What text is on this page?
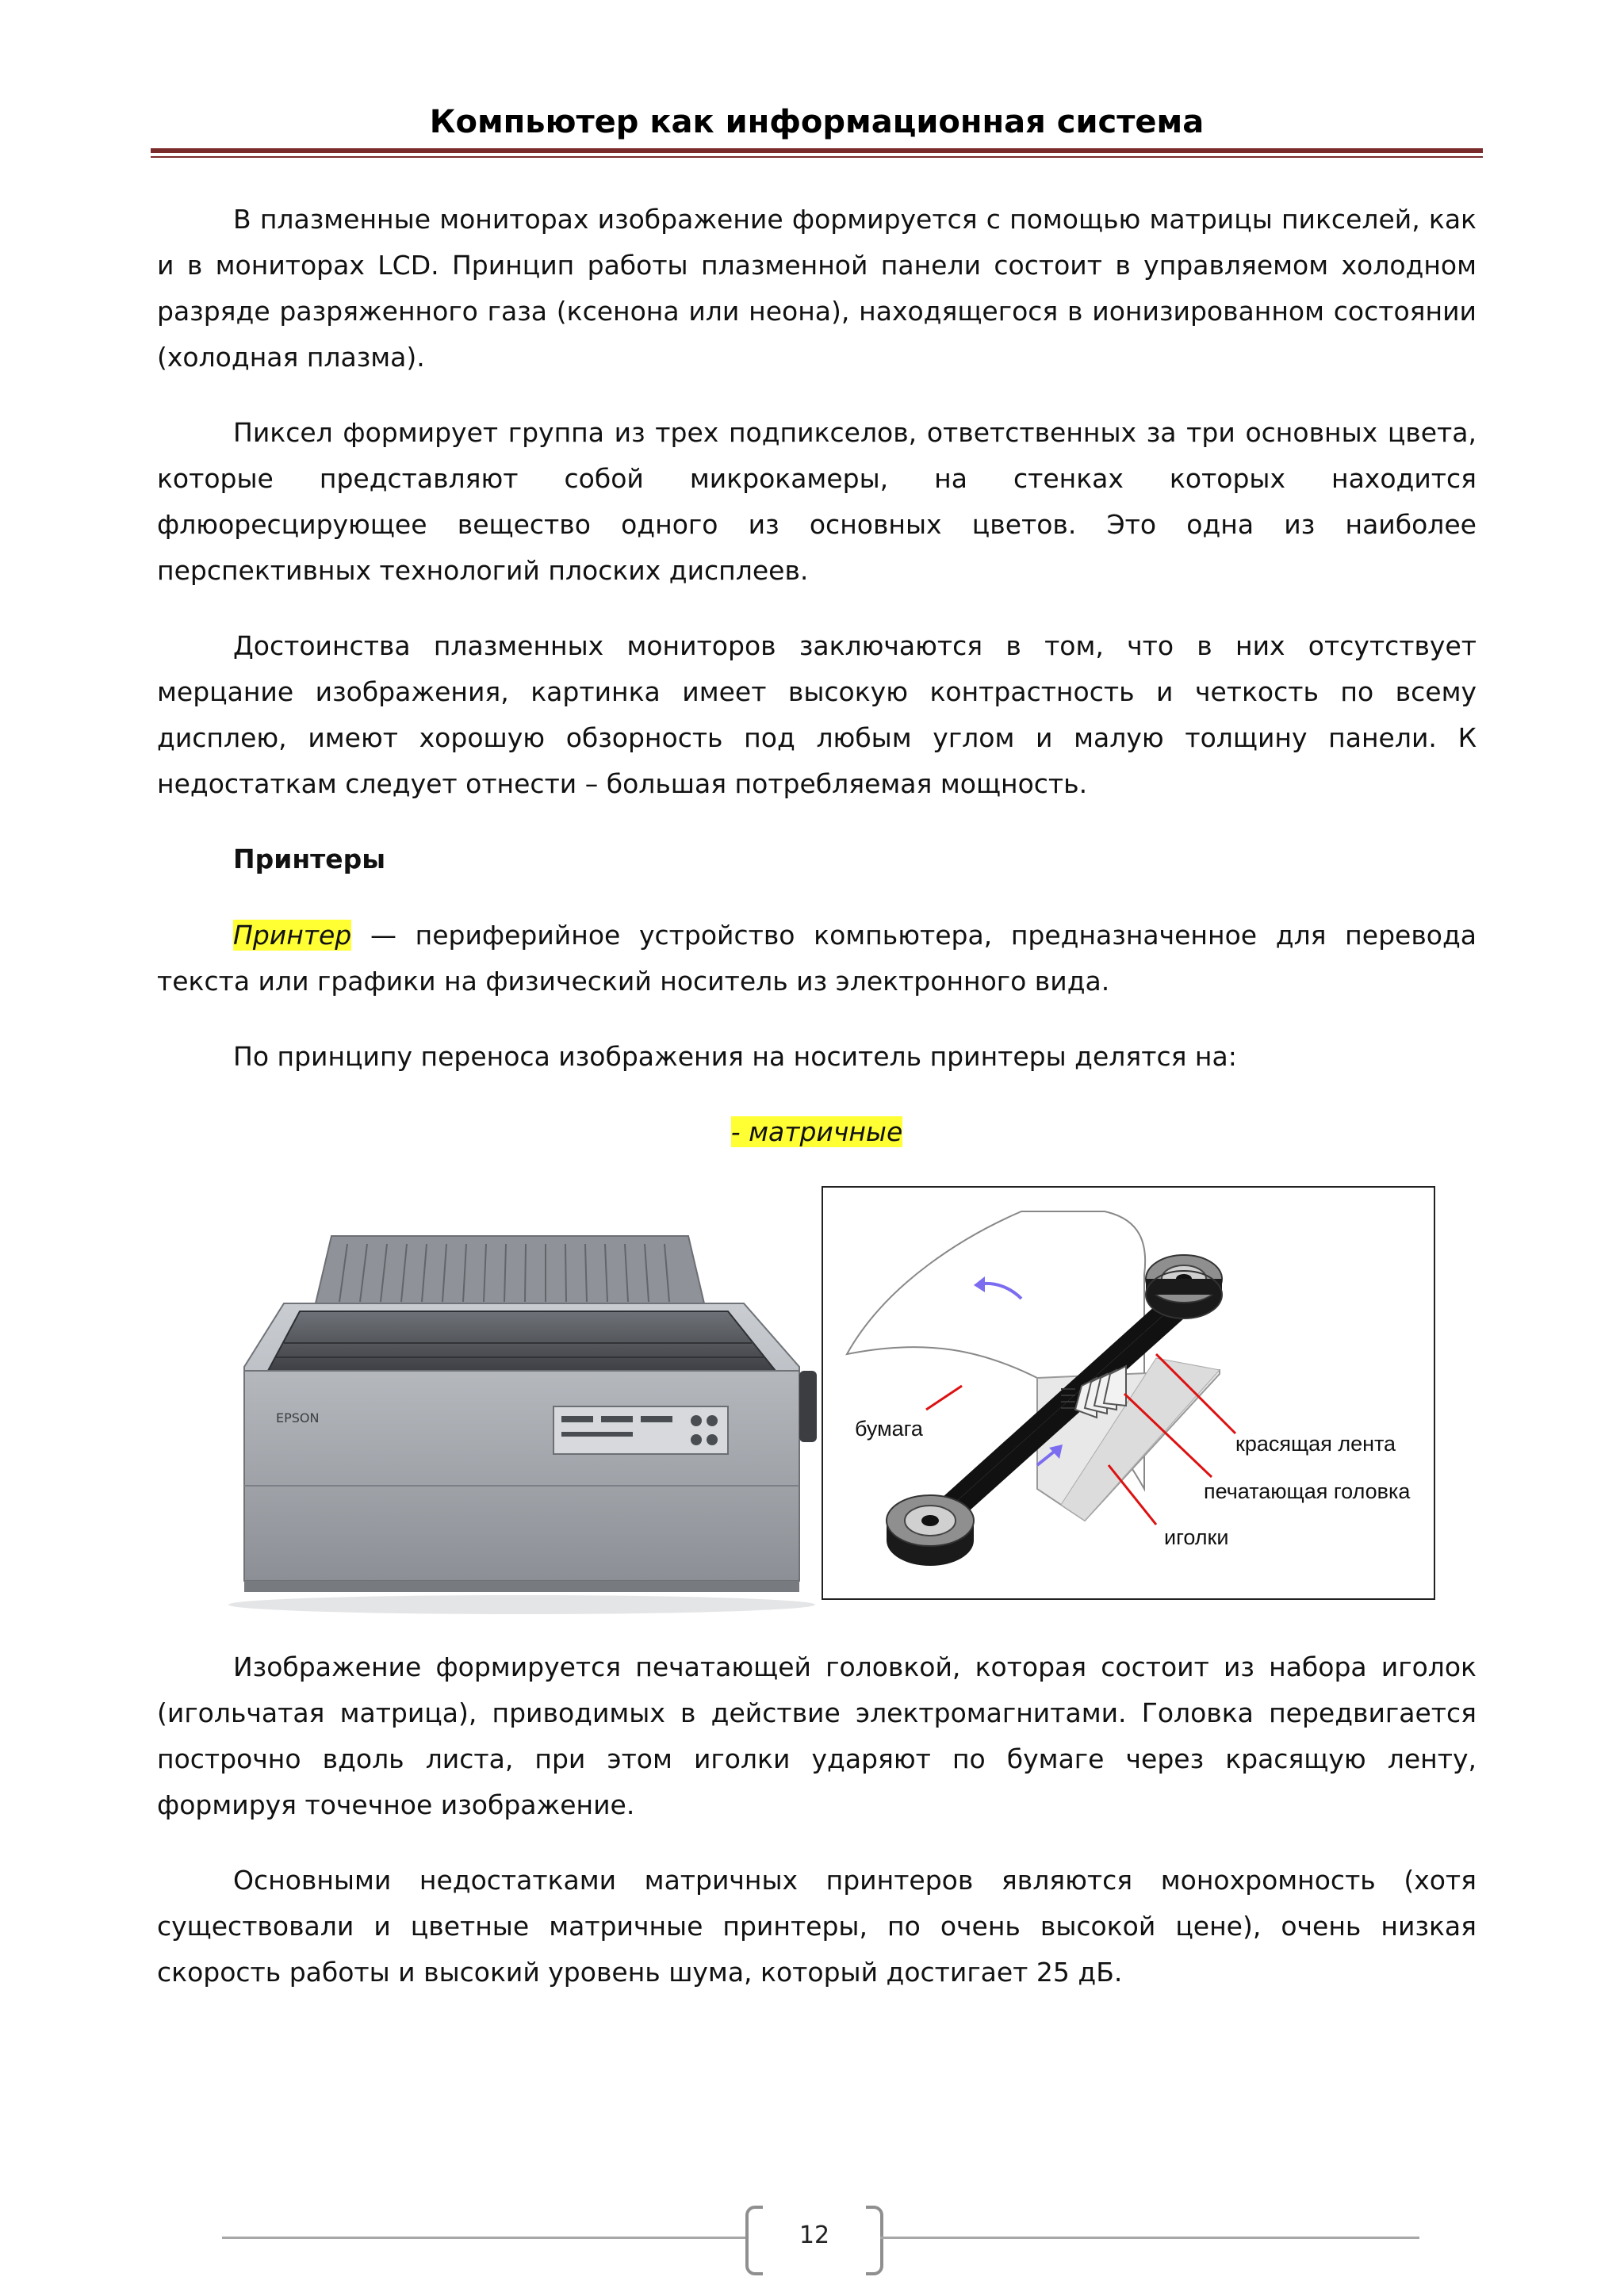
Компьютер как информационная система

В плазменные мониторах изображение формируется с помощью матрицы пикселей, как и в мониторах LCD. Принцип работы плазменной панели состоит в управляемом холодном разряде разряженного газа (ксенона или неона), находящегося в ионизированном состоянии (холодная плазма).

Пиксел формирует группа из трех подпикселов, ответственных за три основных цвета, которые представляют собой микрокамеры, на стенках которых находится флюоресцирующее вещество одного из основных цветов. Это одна из наиболее перспективных технологий плоских дисплеев.

Достоинства плазменных мониторов заключаются в том, что в них отсутствует мерцание изображения, картинка имеет высокую контрастность и четкость по всему дисплею, имеют хорошую обзорность под любым углом и малую толщину панели. К недостаткам следует отнести – большая потребляемая мощность.

Принтеры

Принтер — периферийное устройство компьютера, предназначенное для перевода текста или графики на физический носитель из электронного вида.

По принципу переноса изображения на носитель принтеры делятся на:

- матричные

EPSON	бумага
красящая лента
печатающая головка
иголки

Изображение формируется печатающей головкой, которая состоит из набора иголок (игольчатая матрица), приводимых в действие электромагнитами. Головка передвигается построчно вдоль листа, при этом иголки ударяют по бумаге через красящую ленту, формируя точечное изображение.

Основными недостатками матричных принтеров являются монохромность (хотя существовали и цветные матричные принтеры, по очень высокой цене), очень низкая скорость работы и высокий уровень шума, который достигает 25 дБ.

12
